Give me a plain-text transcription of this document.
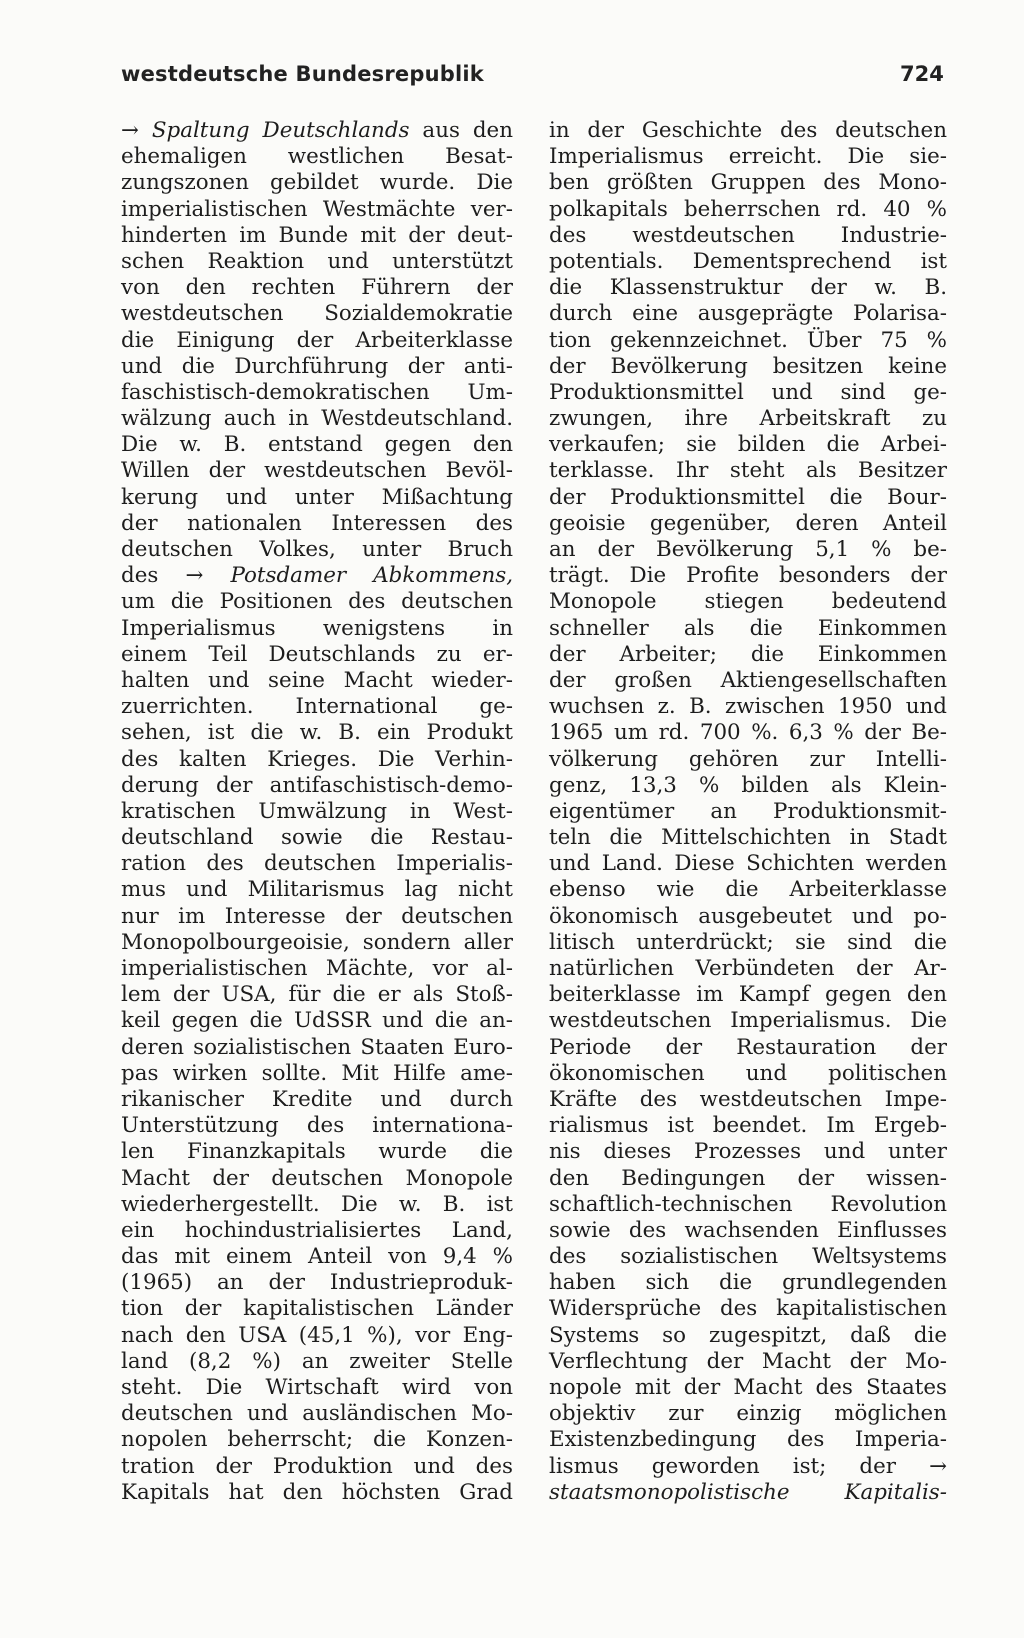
westdeutsche Bundesrepublik	724
→ Spaltung Deutschlands aus den
ehemaligen westlichen Besat-
zungszonen gebildet wurde. Die
imperialistischen Westmächte ver-
hinderten im Bunde mit der deut-
schen Reaktion und unterstützt
von den rechten Führern der
westdeutschen Sozialdemokratie
die Einigung der Arbeiterklasse
und die Durchführung der anti-
faschistisch-demokratischen Um-
wälzung auch in Westdeutschland.
Die w. B. entstand gegen den
Willen der westdeutschen Bevöl-
kerung und unter Mißachtung
der nationalen Interessen des
deutschen Volkes, unter Bruch
des → Potsdamer Abkommens,
um die Positionen des deutschen
Imperialismus wenigstens in
einem Teil Deutschlands zu er-
halten und seine Macht wieder-
zuerrichten. International ge-
sehen, ist die w. B. ein Produkt
des kalten Krieges. Die Verhin-
derung der antifaschistisch-demo-
kratischen Umwälzung in West-
deutschland sowie die Restau-
ration des deutschen Imperialis-
mus und Militarismus lag nicht
nur im Interesse der deutschen
Monopolbourgeoisie, sondern aller
imperialistischen Mächte, vor al-
lem der USA, für die er als Stoß-
keil gegen die UdSSR und die an-
deren sozialistischen Staaten Euro-
pas wirken sollte. Mit Hilfe ame-
rikanischer Kredite und durch
Unterstützung des internationa-
len Finanzkapitals wurde die
Macht der deutschen Monopole
wiederhergestellt. Die w. B. ist
ein hochindustrialisiertes Land,
das mit einem Anteil von 9,4 %
(1965) an der Industrieproduk-
tion der kapitalistischen Länder
nach den USA (45,1 %), vor Eng-
land (8,2 %) an zweiter Stelle
steht. Die Wirtschaft wird von
deutschen und ausländischen Mo-
nopolen beherrscht; die Konzen-
tration der Produktion und des
Kapitals hat den höchsten Grad
in der Geschichte des deutschen
Imperialismus erreicht. Die sie-
ben größten Gruppen des Mono-
polkapitals beherrschen rd. 40 %
des westdeutschen Industrie-
potentials. Dementsprechend ist
die Klassenstruktur der w. B.
durch eine ausgeprägte Polarisa-
tion gekennzeichnet. Über 75 %
der Bevölkerung besitzen keine
Produktionsmittel und sind ge-
zwungen, ihre Arbeitskraft zu
verkaufen; sie bilden die Arbei-
terklasse. Ihr steht als Besitzer
der Produktionsmittel die Bour-
geoisie gegenüber, deren Anteil
an der Bevölkerung 5,1 % be-
trägt. Die Profite besonders der
Monopole stiegen bedeutend
schneller als die Einkommen
der Arbeiter; die Einkommen
der großen Aktiengesellschaften
wuchsen z. B. zwischen 1950 und
1965 um rd. 700 %. 6,3 % der Be-
völkerung gehören zur Intelli-
genz, 13,3 % bilden als Klein-
eigentümer an Produktionsmit-
teln die Mittelschichten in Stadt
und Land. Diese Schichten werden
ebenso wie die Arbeiterklasse
ökonomisch ausgebeutet und po-
litisch unterdrückt; sie sind die
natürlichen Verbündeten der Ar-
beiterklasse im Kampf gegen den
westdeutschen Imperialismus. Die
Periode der Restauration der
ökonomischen und politischen
Kräfte des westdeutschen Impe-
rialismus ist beendet. Im Ergeb-
nis dieses Prozesses und unter
den Bedingungen der wissen-
schaftlich-technischen Revolution
sowie des wachsenden Einflusses
des sozialistischen Weltsystems
haben sich die grundlegenden
Widersprüche des kapitalistischen
Systems so zugespitzt, daß die
Verflechtung der Macht der Mo-
nopole mit der Macht des Staates
objektiv zur einzig möglichen
Existenzbedingung des Imperia-
lismus geworden ist; der →
staatsmonopolistische Kapitalis-
